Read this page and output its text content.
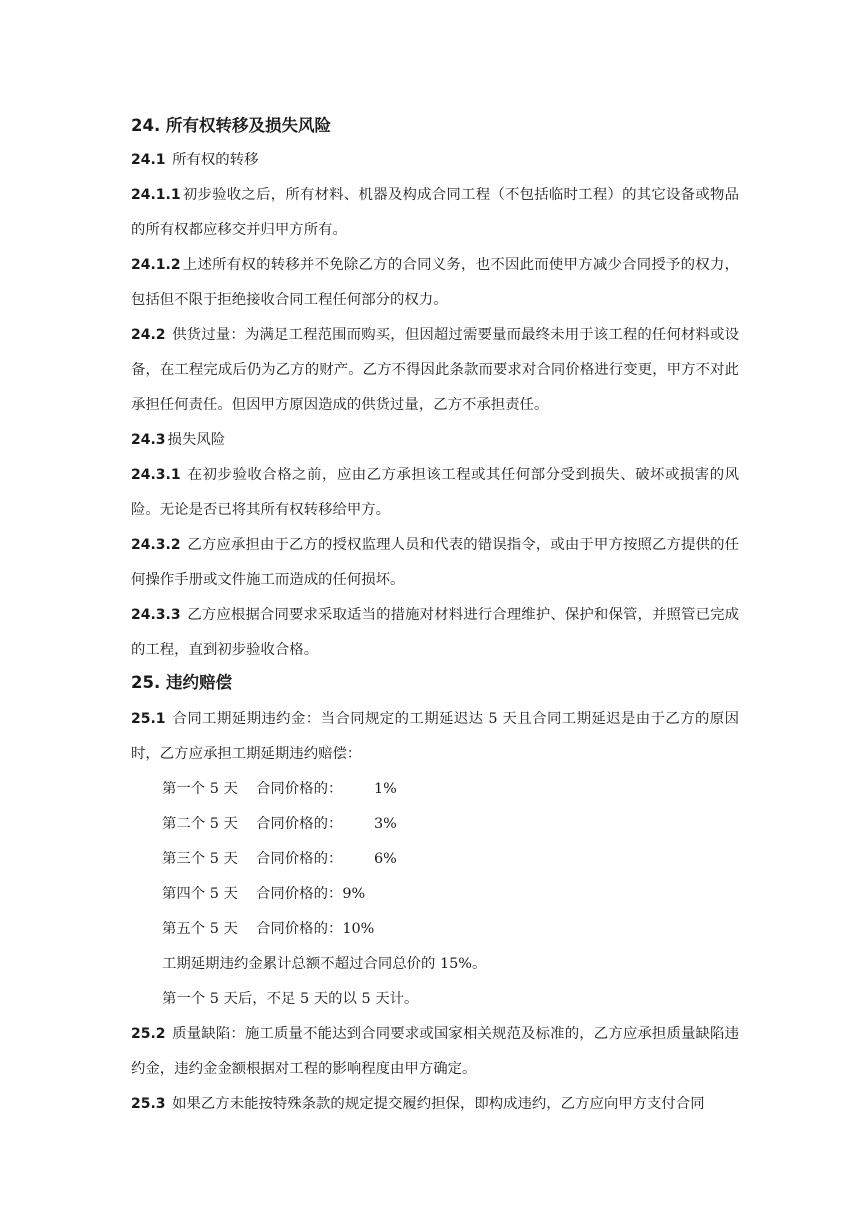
24. 所有权转移及损失风险

24.1 所有权的转移

24.1.1 初步验收之后，所有材料、机器及构成合同工程（不包括临时工程）的其它设备或物品的所有权都应移交并归甲方所有。

24.1.2 上述所有权的转移并不免除乙方的合同义务，也不因此而使甲方减少合同授予的权力，包括但不限于拒绝接收合同工程任何部分的权力。

24.2 供货过量：为满足工程范围而购买，但因超过需要量而最终未用于该工程的任何材料或设备，在工程完成后仍为乙方的财产。乙方不得因此条款而要求对合同价格进行变更，甲方不对此承担任何责任。但因甲方原因造成的供货过量，乙方不承担责任。

24.3 损失风险

24.3.1 在初步验收合格之前，应由乙方承担该工程或其任何部分受到损失、破坏或损害的风险。无论是否已将其所有权转移给甲方。

24.3.2 乙方应承担由于乙方的授权监理人员和代表的错误指令，或由于甲方按照乙方提供的任何操作手册或文件施工而造成的任何损坏。

24.3.3 乙方应根据合同要求采取适当的措施对材料进行合理维护、保护和保管，并照管已完成的工程，直到初步验收合格。

25. 违约赔偿

25.1 合同工期延期违约金：当合同规定的工期延迟达 5 天且合同工期延迟是由于乙方的原因时，乙方应承担工期延期违约赔偿：

第一个 5 天 合同价格的： 1%

第二个 5 天 合同价格的： 3%

第三个 5 天 合同价格的： 6%

第四个 5 天 合同价格的：9%

第五个 5 天 合同价格的：10%

工期延期违约金累计总额不超过合同总价的 15%。

第一个 5 天后，不足 5 天的以 5 天计。

25.2 质量缺陷：施工质量不能达到合同要求或国家相关规范及标准的，乙方应承担质量缺陷违约金，违约金金额根据对工程的影响程度由甲方确定。

25.3 如果乙方未能按特殊条款的规定提交履约担保，即构成违约，乙方应向甲方支付合同
